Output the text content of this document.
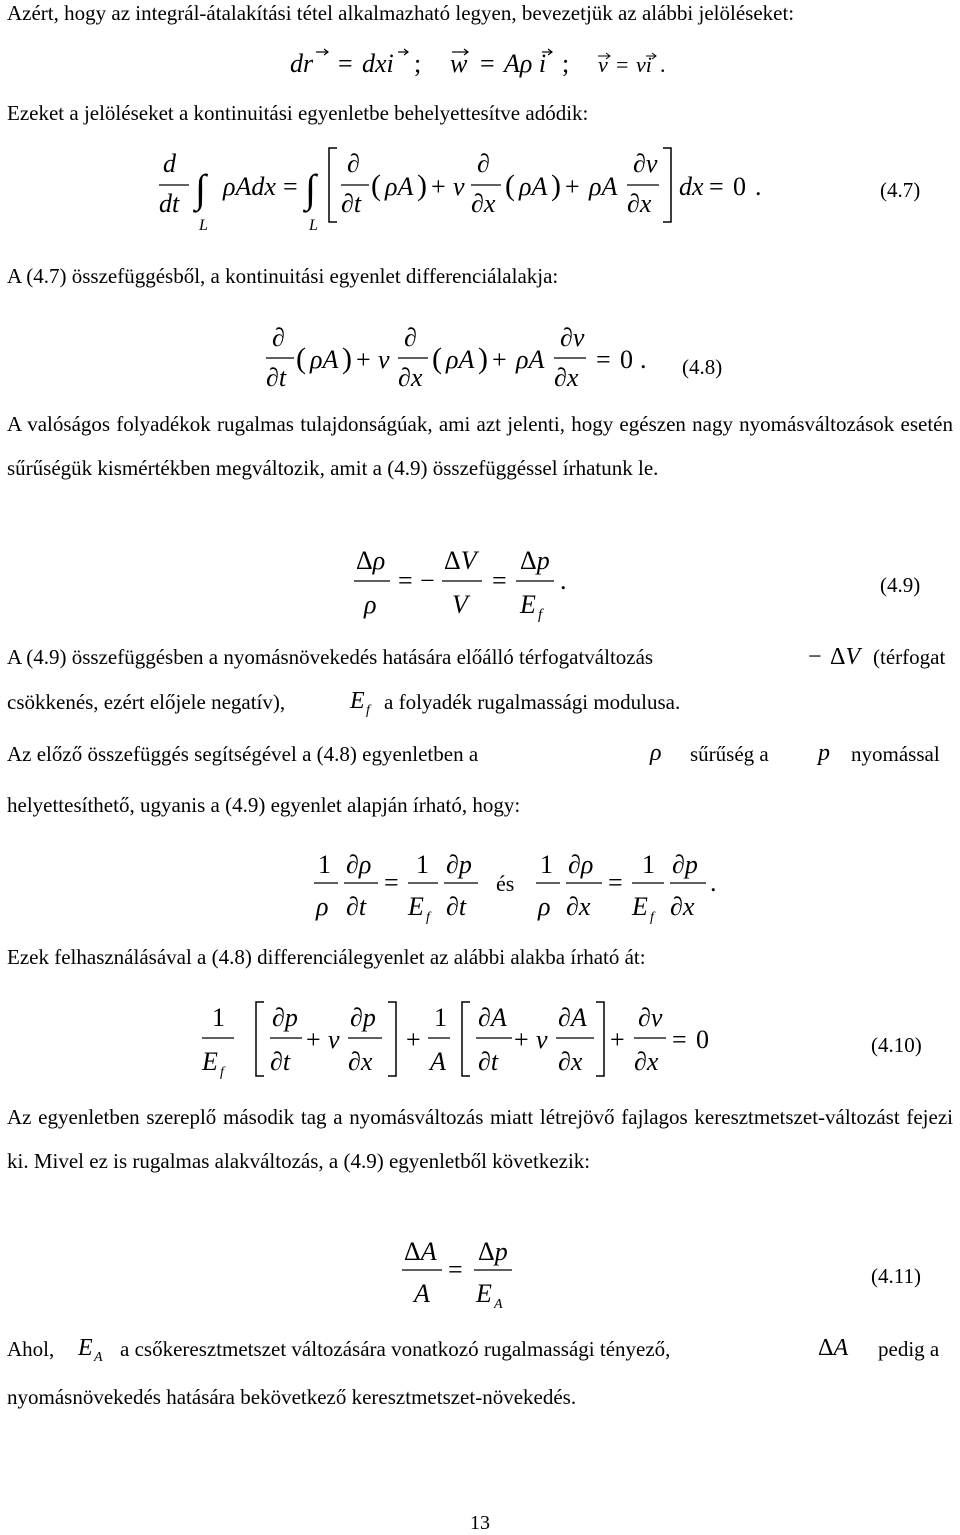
Azért, hogy az integrál-átalakítási tétel alkalmazható legyen, bevezetjük az alábbi jelöléseket:
dr = dxi ; w = Aρ i ; v = vi .
Ezeket a jelöléseket a kontinuitási egyenletbe behelyettesítve adódik:
d
dt ∫
L
ρAdx = ∫
L
∂
∂t
( ρA ) + v
∂
∂x
( ρA ) + ρA
∂v
∂x
dx = 0 .	(4.7)
A (4.7) összefüggésből, a kontinuitási egyenlet differenciálalakja:
∂
∂t
( ρA ) + v
∂
∂x
( ρA ) + ρA
∂v
∂x
= 0 . (4.8)

A valóságos folyadékok rugalmas tulajdonságúak, ami azt jelenti, hogy egészen nagy nyomásváltozások esetén sűrűségük kismértékben megváltozik, amit a (4.9) összefüggéssel írhatunk le.

Δρ
ρ
= −
ΔV
V
=
Δp
E f
.	(4.9)
A (4.9) összefüggésben a nyomásnövekedés hatására előálló térfogatváltozás	− ΔV (térfogat
csökkenés, ezért előjele negatív),	E f a folyadék rugalmassági modulusa.
Az előző összefüggés segítségével a (4.8) egyenletben a	ρ sűrűség a p nyomással
helyettesíthető, ugyanis a (4.9) egyenlet alapján írható, hogy:
1
ρ
∂ρ
∂t
=
1
E f
∂p
∂t
és
1
ρ
∂ρ
∂x
=
1
E f
∂p
∂x
.
Ezek felhasználásával a (4.8) differenciálegyenlet az alábbi alakba írható át:
1
E f
∂p
∂t
+ v
∂p
∂x
+
1
A
∂A
∂t
+ v
∂A
∂x
+
∂v
∂x
= 0	(4.10)

Az egyenletben szereplő második tag a nyomásváltozás miatt létrejövő fajlagos keresztmetszet-változást fejezi ki. Mivel ez is rugalmas alakváltozás, a (4.9) egyenletből következik:

ΔA
A
=
Δp
E A
(4.11)
Ahol, E A a csőkeresztmetszet változására vonatkozó rugalmassági tényező,	ΔA pedig a
nyomásnövekedés hatására bekövetkező keresztmetszet-növekedés.
13
